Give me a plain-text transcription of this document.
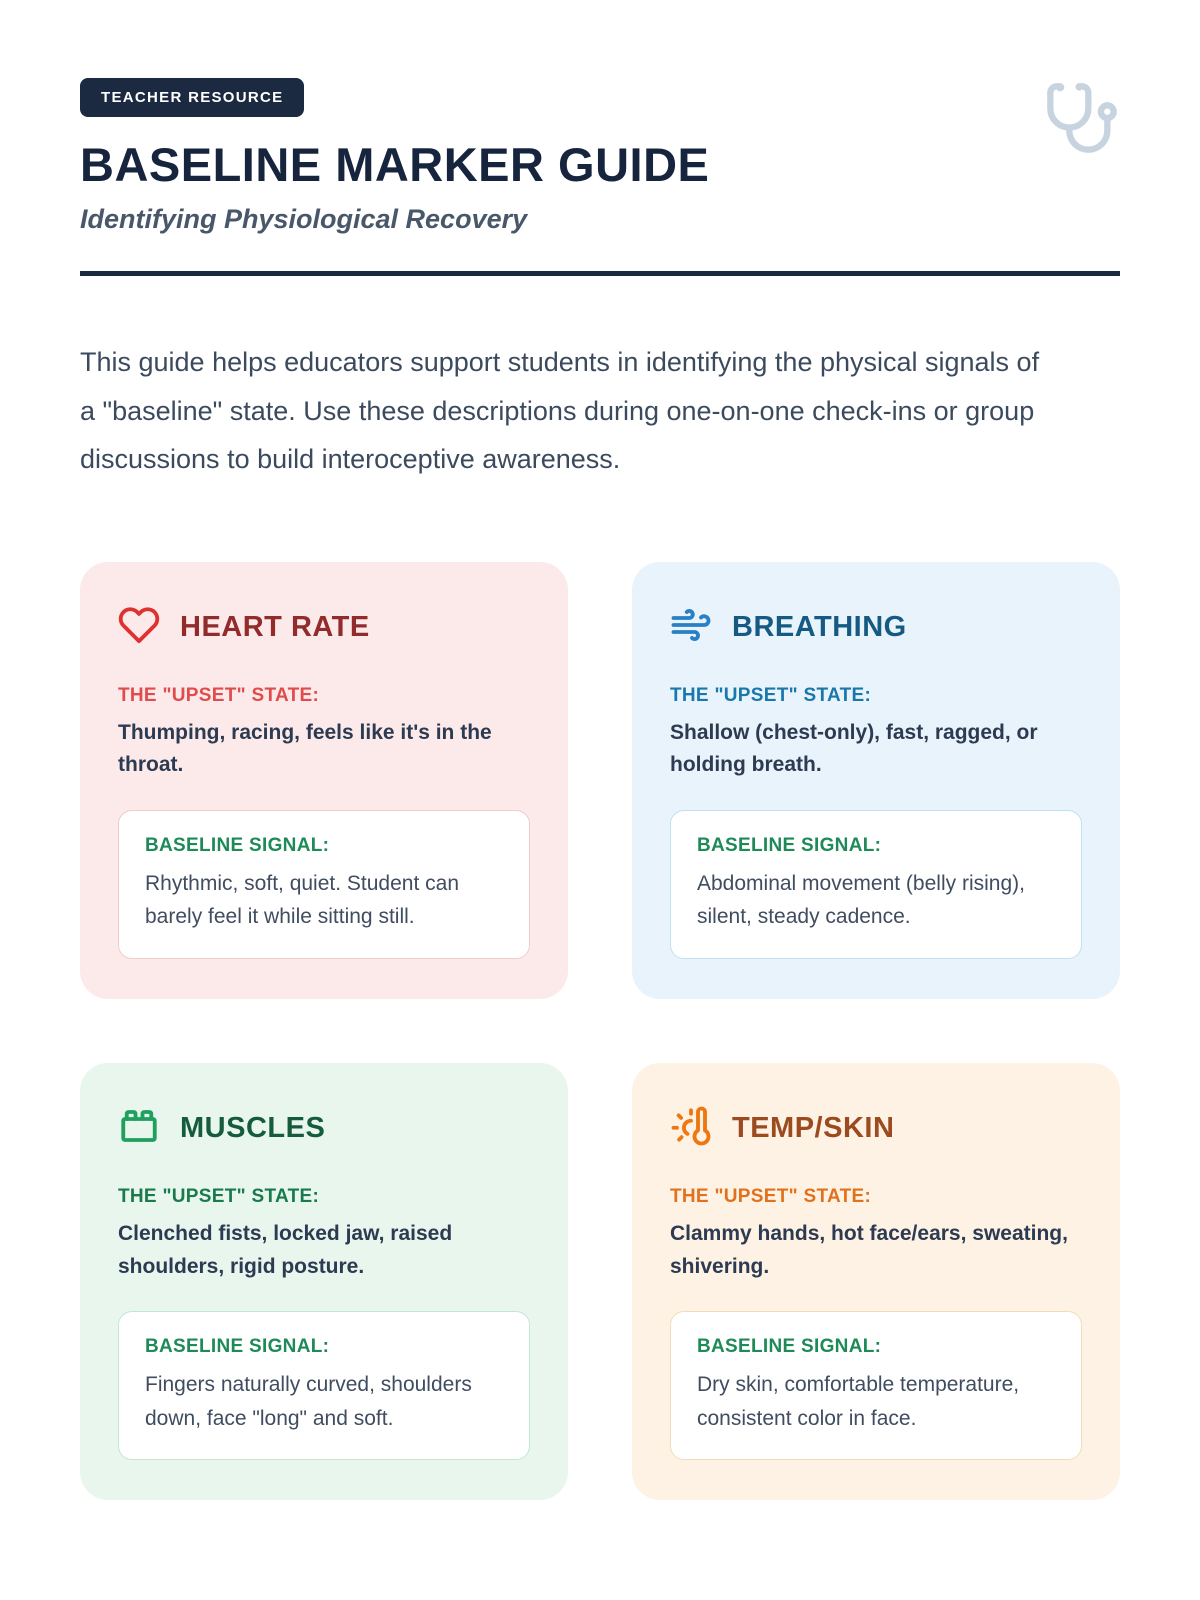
TEACHER RESOURCE
BASELINE MARKER GUIDE

Identifying Physiological Recovery

This guide helps educators support students in identifying the physical signals of a "baseline" state. Use these descriptions during one-on-one check-ins or group discussions to build interoceptive awareness.

HEART RATE

THE "UPSET" STATE:

Thumping, racing, feels like it's in the throat.

BASELINE SIGNAL:

Rhythmic, soft, quiet. Student can barely feel it while sitting still.

BREATHING

THE "UPSET" STATE:

Shallow (chest-only), fast, ragged, or holding breath.

BASELINE SIGNAL:

Abdominal movement (belly rising), silent, steady cadence.

MUSCLES

THE "UPSET" STATE:

Clenched fists, locked jaw, raised shoulders, rigid posture.

BASELINE SIGNAL:

Fingers naturally curved, shoulders down, face "long" and soft.

TEMP/SKIN

THE "UPSET" STATE:

Clammy hands, hot face/ears, sweating, shivering.

BASELINE SIGNAL:

Dry skin, comfortable temperature, consistent color in face.
